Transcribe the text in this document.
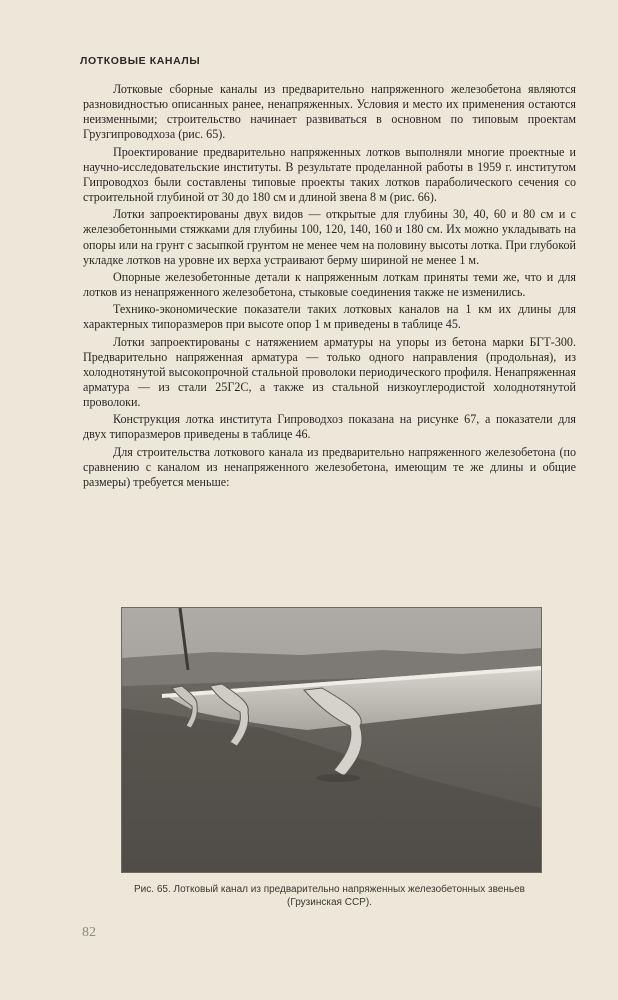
ЛОТКОВЫЕ КАНАЛЫ

Лотковые сборные каналы из предварительно напряженного железобетона являются разновидностью описанных ранее, ненапряженных. Условия и место их применения остаются неизменными; строительство начинает развиваться в основном по типовым проектам Грузгипроводхоза (рис. 65).

Проектирование предварительно напряженных лотков выполняли многие проектные и научно-исследовательские институты. В результате проделанной работы в 1959 г. институтом Гипроводхоз были составлены типовые проекты таких лотков параболического сечения со строительной глубиной от 30 до 180 см и длиной звена 8 м (рис. 66).

Лотки запроектированы двух видов — открытые для глубины 30, 40, 60 и 80 см и с железобетонными стяжками для глубины 100, 120, 140, 160 и 180 см. Их можно укладывать на опоры или на грунт с засыпкой грунтом не менее чем на половину высоты лотка. При глубокой укладке лотков на уровне их верха устраивают берму шириной не менее 1 м.

Опорные железобетонные детали к напряженным лоткам приняты теми же, что и для лотков из ненапряженного железобетона, стыковые соединения также не изменились.

Технико-экономические показатели таких лотковых каналов на 1 км их длины для характерных типоразмеров при высоте опор 1 м приведены в таблице 45.

Лотки запроектированы с натяжением арматуры на упоры из бетона марки БГТ-300. Предварительно напряженная арматура — только одного направления (продольная), из холоднотянутой высокопрочной стальной проволоки периодического профиля. Ненапряженная арматура — из стали 25Г2С, а также из стальной низкоуглеродистой холоднотянутой проволоки.

Конструкция лотка института Гипроводхоз показана на рисунке 67, а показатели для двух типоразмеров приведены в таблице 46.

Для строительства лоткового канала из предварительно напряженного железобетона (по сравнению с каналом из ненапряженного железобетона, имеющим те же длины и общие размеры) требуется меньше:

Рис. 65. Лотковый канал из предварительно напряженных железобетонных звеньев (Грузинская ССР).
82
